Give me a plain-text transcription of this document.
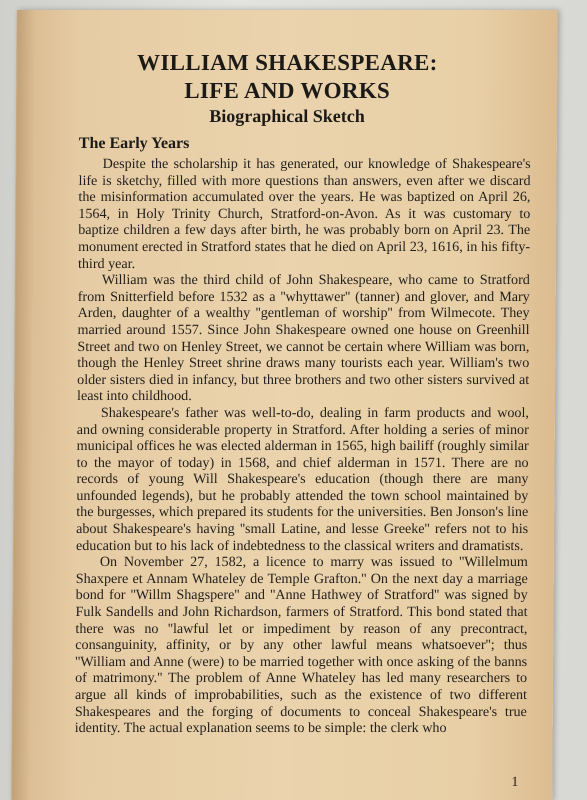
WILLIAM SHAKESPEARE:
LIFE AND WORKS
Biographical Sketch
The Early Years

Despite the scholarship it has generated, our knowledge of Shakespeare's life is sketchy, filled with more questions than answers, even after we discard the misinformation accumulated over the years. He was baptized on April 26, 1564, in Holy Trinity Church, Stratford-on-Avon. As it was customary to baptize children a few days after birth, he was probably born on April 23. The monument erected in Stratford states that he died on April 23, 1616, in his fifty-third year.

William was the third child of John Shakespeare, who came to Stratford from Snitterfield before 1532 as a ''whyttawer'' (tanner) and glover, and Mary Arden, daughter of a wealthy ''gentleman of worship'' from Wilmecote. They married around 1557. Since John Shakespeare owned one house on Greenhill Street and two on Henley Street, we cannot be certain where William was born, though the Henley Street shrine draws many tourists each year. William's two older sisters died in infancy, but three brothers and two other sisters survived at least into childhood.

Shakespeare's father was well-to-do, dealing in farm products and wool, and owning considerable property in Stratford. After holding a series of minor municipal offices he was elected alderman in 1565, high bailiff (roughly similar to the mayor of today) in 1568, and chief alderman in 1571. There are no records of young Will Shakespeare's education (though there are many unfounded legends), but he probably attended the town school maintained by the burgesses, which prepared its students for the universities. Ben Jonson's line about Shakespeare's having ''small Latine, and lesse Greeke'' refers not to his education but to his lack of indebtedness to the classical writers and dramatists.

On November 27, 1582, a licence to marry was issued to ''Willelmum Shaxpere et Annam Whateley de Temple Grafton.'' On the next day a marriage bond for ''Willm Shagspere'' and ''Anne Hathwey of Stratford'' was signed by Fulk Sandells and John Richardson, farmers of Stratford. This bond stated that there was no ''lawful let or impediment by reason of any precontract, consanguinity, affinity, or by any other lawful means whatsoever''; thus ''William and Anne (were) to be married together with once asking of the banns of matrimony.'' The problem of Anne Whateley has led many researchers to argue all kinds of improbabilities, such as the existence of two different Shakespeares and the forging of documents to conceal Shakespeare's true identity. The actual explanation seems to be simple: the clerk who

1
